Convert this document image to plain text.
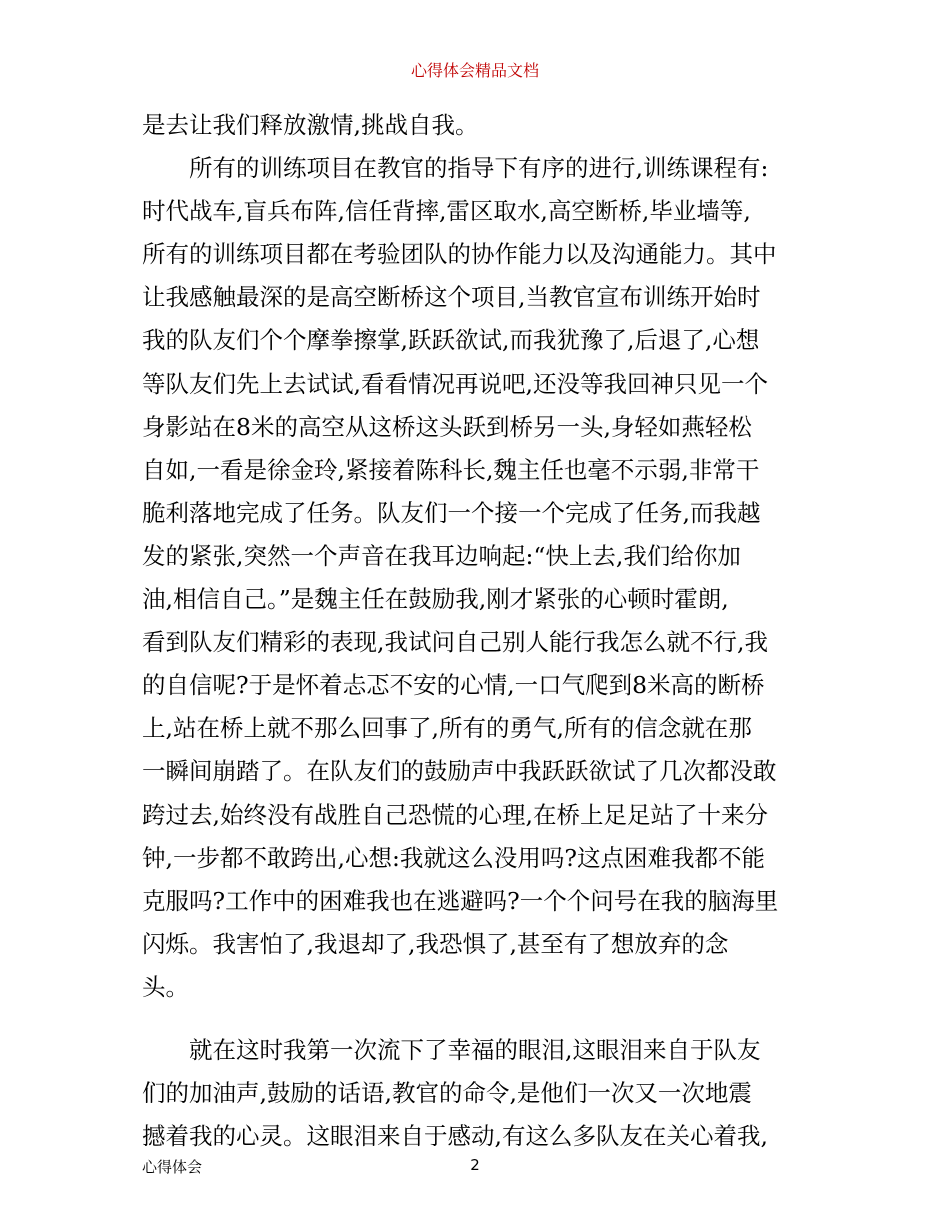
心得体会精品文档
是去让我们释放激情,挑战自我。
所有的训练项目在教官的指导下有序的进行,训练课程有:
时代战车,盲兵布阵,信任背摔,雷区取水,高空断桥,毕业墙等,
所有的训练项目都在考验团队的协作能力以及沟通能力。其中
让我感触最深的是高空断桥这个项目,当教官宣布训练开始时
我的队友们个个摩拳擦掌,跃跃欲试,而我犹豫了,后退了,心想
等队友们先上去试试,看看情况再说吧,还没等我回神只见一个
身影站在8米的高空从这桥这头跃到桥另一头,身轻如燕轻松
自如,一看是徐金玲,紧接着陈科长,魏主任也毫不示弱,非常干
脆利落地完成了任务。队友们一个接一个完成了任务,而我越
发的紧张,突然一个声音在我耳边响起:“快上去,我们给你加
油,相信自己。”是魏主任在鼓励我,刚才紧张的心顿时霍朗,
看到队友们精彩的表现,我试问自己别人能行我怎么就不行,我
的自信呢?于是怀着忐忑不安的心情,一口气爬到8米高的断桥
上,站在桥上就不那么回事了,所有的勇气,所有的信念就在那
一瞬间崩踏了。在队友们的鼓励声中我跃跃欲试了几次都没敢
跨过去,始终没有战胜自己恐慌的心理,在桥上足足站了十来分
钟,一步都不敢跨出,心想:我就这么没用吗?这点困难我都不能
克服吗?工作中的困难我也在逃避吗?一个个问号在我的脑海里
闪烁。我害怕了,我退却了,我恐惧了,甚至有了想放弃的念
头。
就在这时我第一次流下了幸福的眼泪,这眼泪来自于队友
们的加油声,鼓励的话语,教官的命令,是他们一次又一次地震
撼着我的心灵。这眼泪来自于感动,有这么多队友在关心着我,
心得体会	2
